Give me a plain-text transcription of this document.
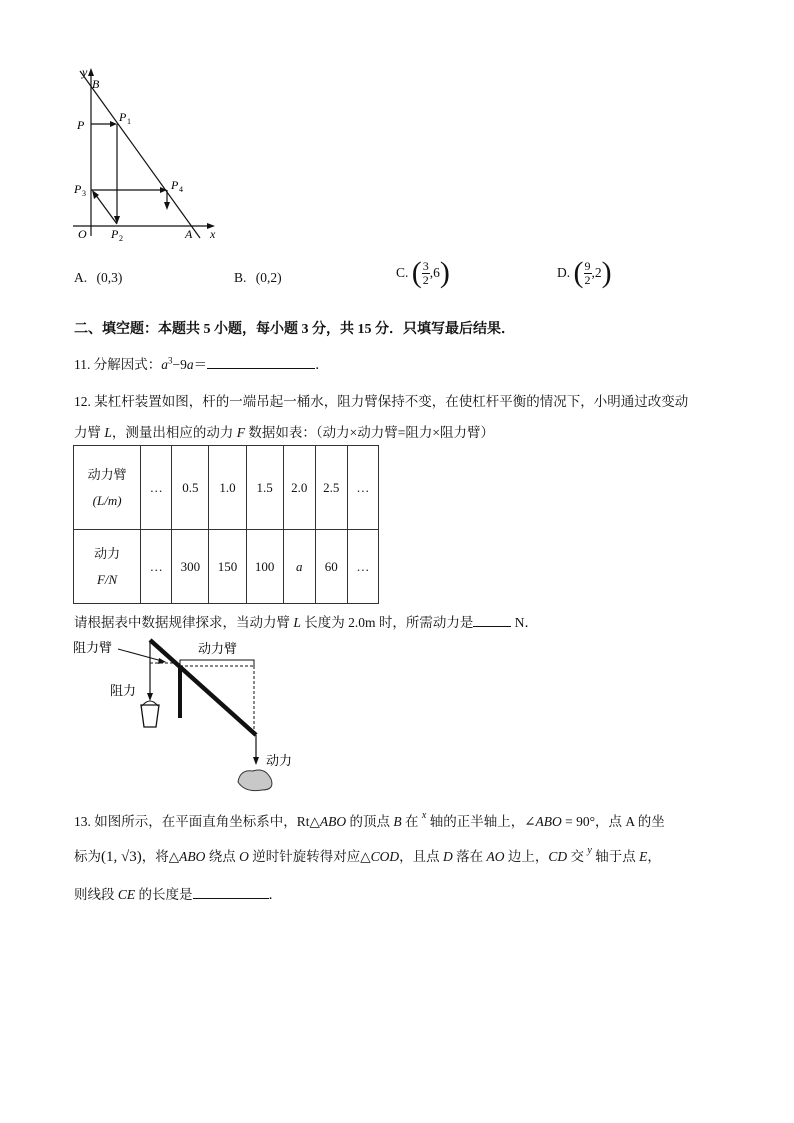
y
B
P
P 1
P 3
P 4
O P 2	A x
A. (0,3)	B. (0,2)	C. ( $\frac{3}{2} ,6$)	D. ( $\frac{9}{2} ,2$)
二、填空题：本题共 5 小题，每小题 3 分，共 15 分．只填写最后结果．
11. 分解因式：$a^3-9a=$	．
12. 某杠杆装置如图，杆的一端吊起一桶水，阻力臂保持不变，在使杠杆平衡的情况下，小明通过改变动
力臂 L，测量出相应的动力 F 数据如表：（动力×动力臂=阻力×阻力臂）
动力臂
(L/m)	…	0.5	1.0	1.5	2.0	2.5	…

动力
F/N	…	300	150	100	a	60	…
请根据表中数据规律探求，当动力臂 L 长度为 2.0m 时，所需动力是	N．
阻力臂	动力臂
阻力
动力
13. 如图所示，在平面直角坐标系中，Rt△ABO 的顶点 B 在 $^x$ 轴的正半轴上，∠ABO = 90°，点 A 的坐
标为(1, √3)，将△ABO 绕点 O 逆时针旋转得对应△COD，且点 D 落在 AO 边上，CD 交 $^y$ 轴于点 E，
则线段 CE 的长度是	．
